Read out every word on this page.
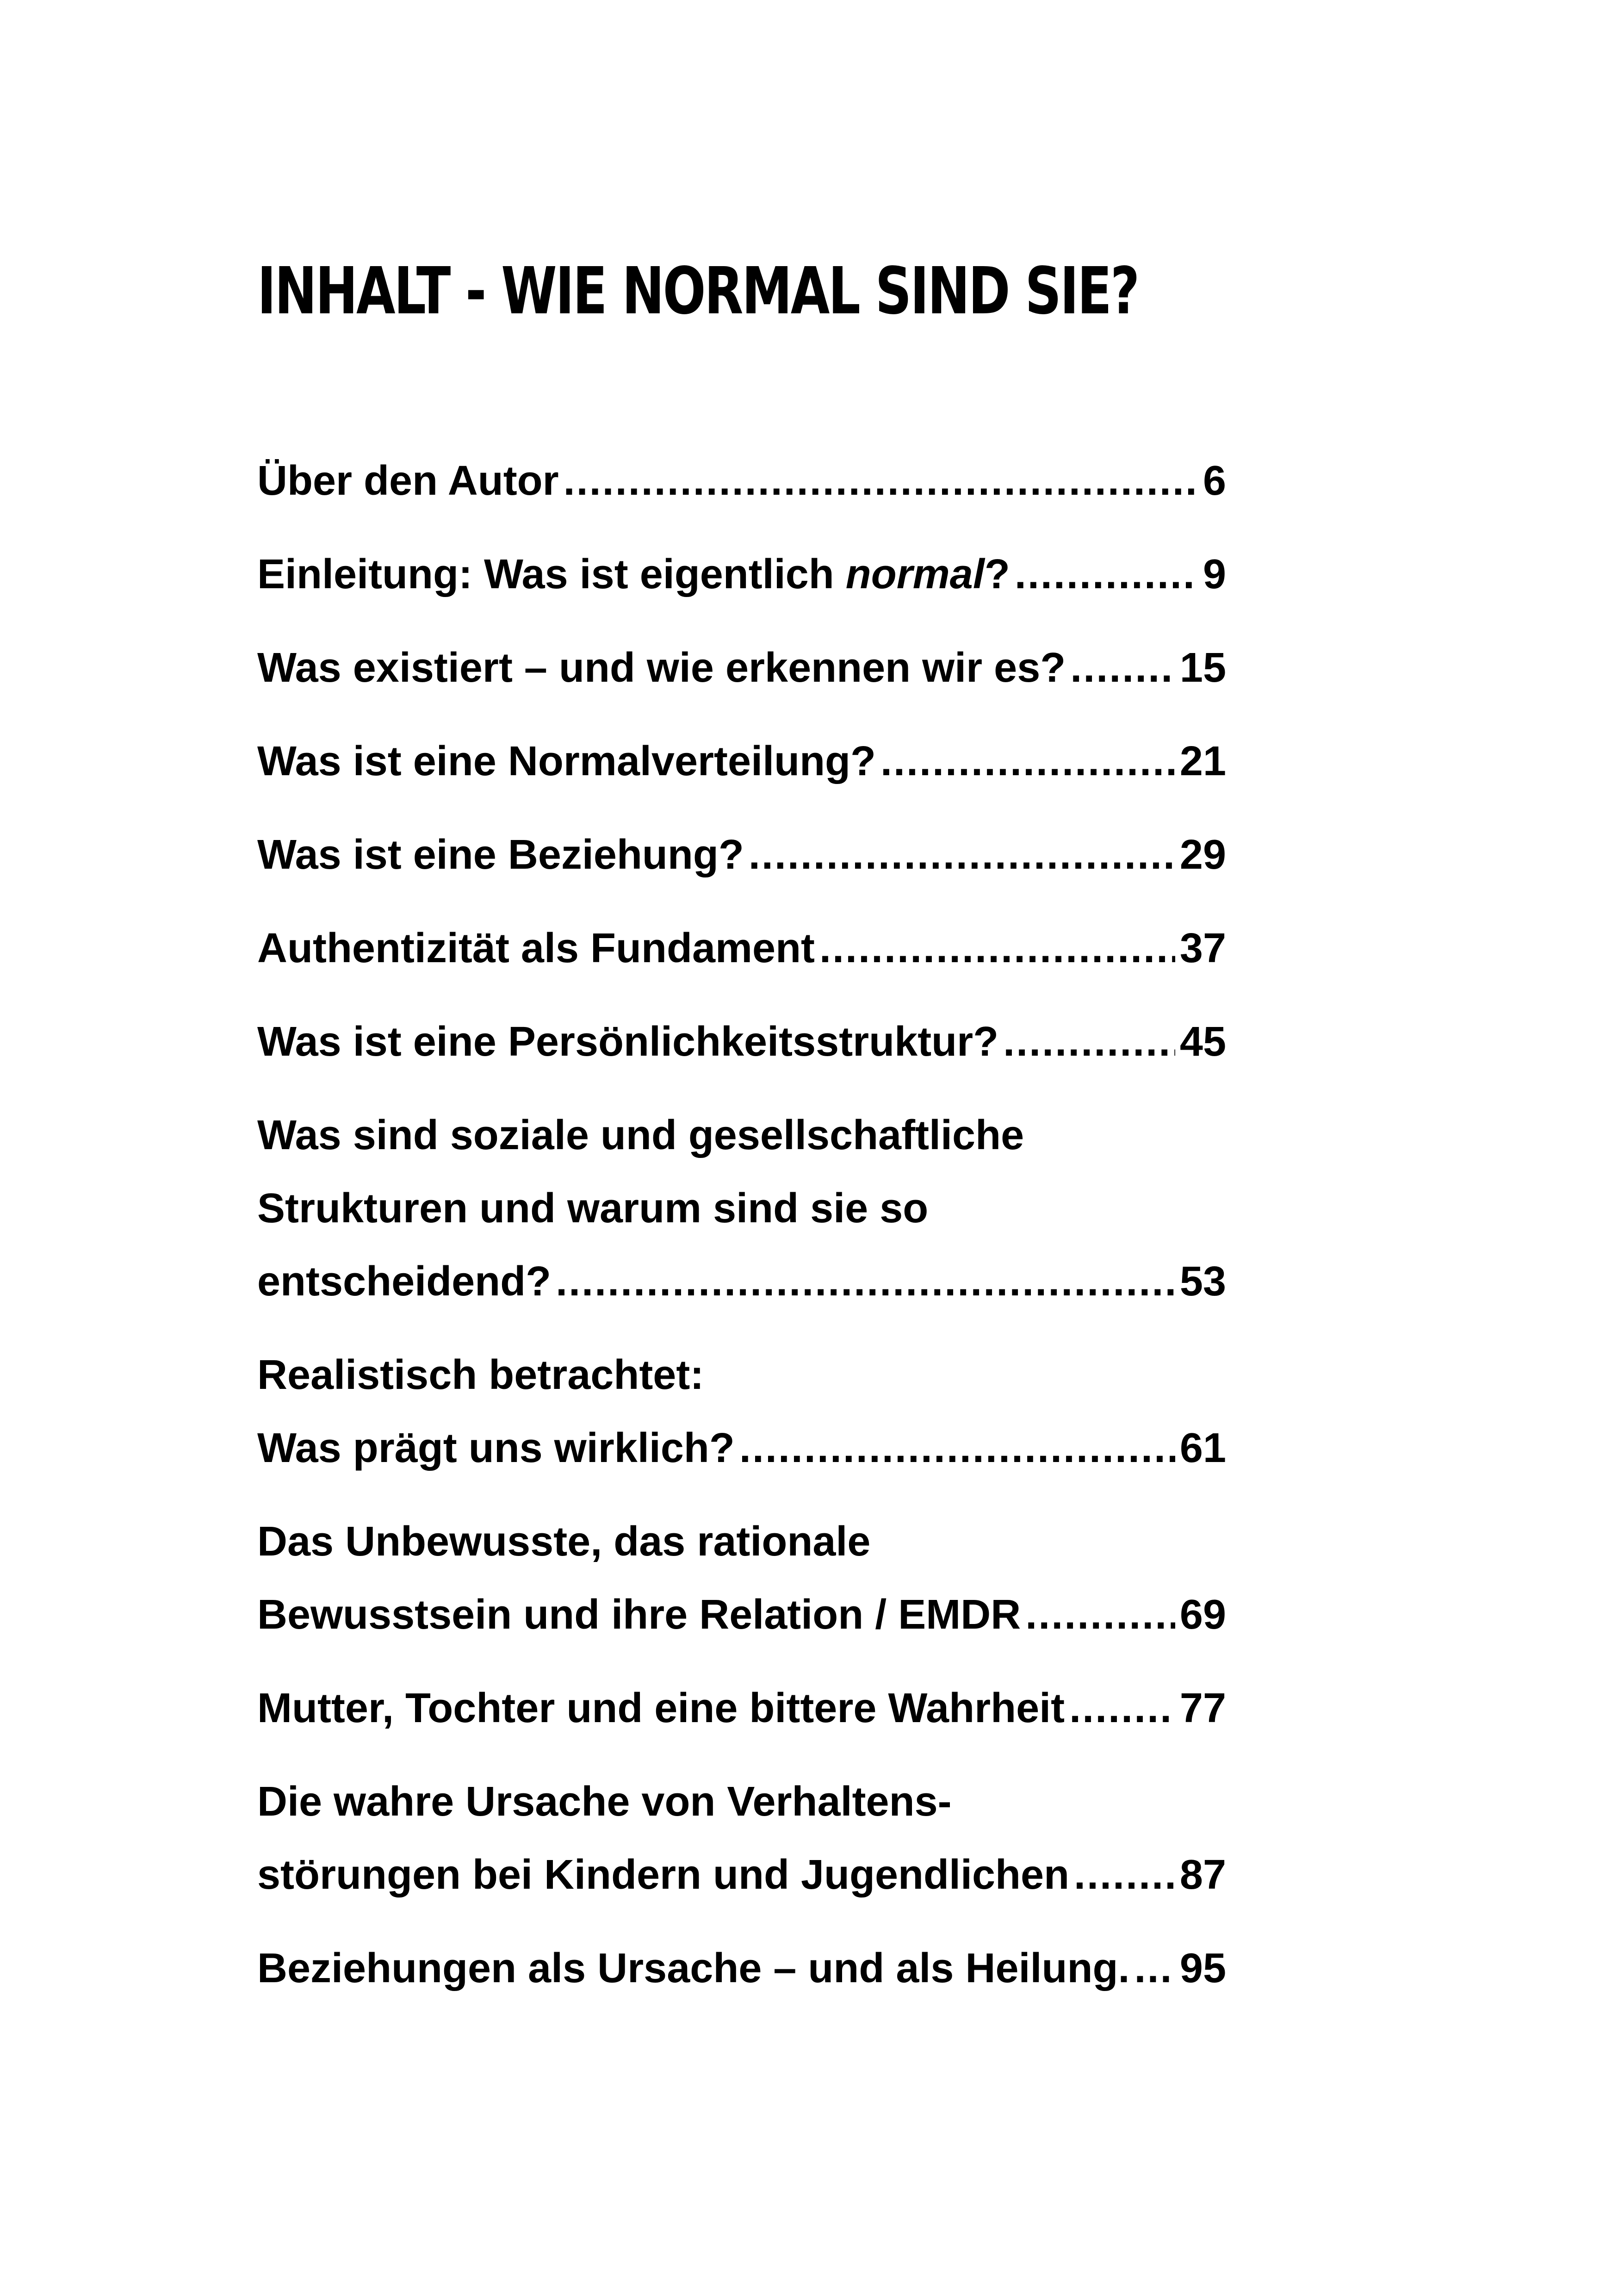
INHALT - WIE NORMAL SIND SIE?
Über den Autor .....	6
Einleitung: Was ist eigentlich normal? .....	9
Was existiert – und wie erkennen wir es? .....	15
Was ist eine Normalverteilung? .....	21
Was ist eine Beziehung? .....	29
Authentizität als Fundament .....	37
Was ist eine Persönlichkeitsstruktur? .....	45
Was sind soziale und gesellschaftliche
Strukturen und warum sind sie so
entscheidend? .....	53
Realistisch betrachtet:
Was prägt uns wirklich? .....	61
Das Unbewusste, das rationale
Bewusstsein und ihre Relation / EMDR .....	69
Mutter, Tochter und eine bittere Wahrheit .....	77
Die wahre Ursache von Verhaltens-
störungen bei Kindern und Jugendlichen .....	87
Beziehungen als Ursache – und als Heilung. ..... 95
